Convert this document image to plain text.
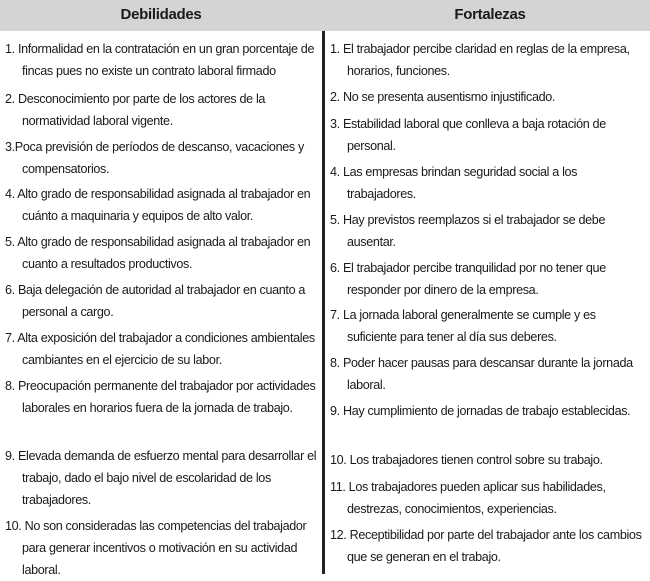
Debilidades	Fortalezas
1. Informalidad en la contratación en un gran porcentaje de fincas pues no existe un contrato laboral firmado
2. Desconocimiento por parte de los actores de la normatividad laboral vigente.
3.Poca previsión de períodos de descanso, vacaciones y compensatorios.
4. Alto grado de responsabilidad asignada al trabajador en cuánto a maquinaria y equipos de alto valor.
5. Alto grado de responsabilidad asignada al trabajador en cuanto a resultados productivos.
6. Baja delegación de autoridad al trabajador en cuanto a personal a cargo.
7. Alta exposición del trabajador a condiciones ambientales cambiantes en el ejercicio de su labor.
8. Preocupación permanente del trabajador por actividades laborales en horarios fuera de la jornada de trabajo.
9. Elevada demanda de esfuerzo mental para desarrollar el trabajo, dado el bajo nivel de escolaridad de los trabajadores.
10. No son consideradas las competencias del trabajador para generar incentivos o motivación en su actividad laboral.
1. El trabajador percibe claridad en reglas de la empresa, horarios, funciones.
2. No se presenta ausentismo injustificado.
3. Estabilidad laboral que conlleva a baja rotación de personal.
4. Las empresas brindan seguridad social a los trabajadores.
5. Hay previstos reemplazos si el trabajador se debe ausentar.
6. El trabajador percibe tranquilidad por no tener que responder por dinero de la empresa.
7. La jornada laboral generalmente se cumple y es suficiente para tener al día sus deberes.
8. Poder hacer pausas para descansar durante la jornada laboral.
9. Hay cumplimiento de jornadas de trabajo establecidas.
10. Los trabajadores tienen control sobre su trabajo.
11. Los trabajadores pueden aplicar sus habilidades, destrezas, conocimientos, experiencias.
12. Receptibilidad por parte del trabajador ante los cambios que se generan en el trabajo.
